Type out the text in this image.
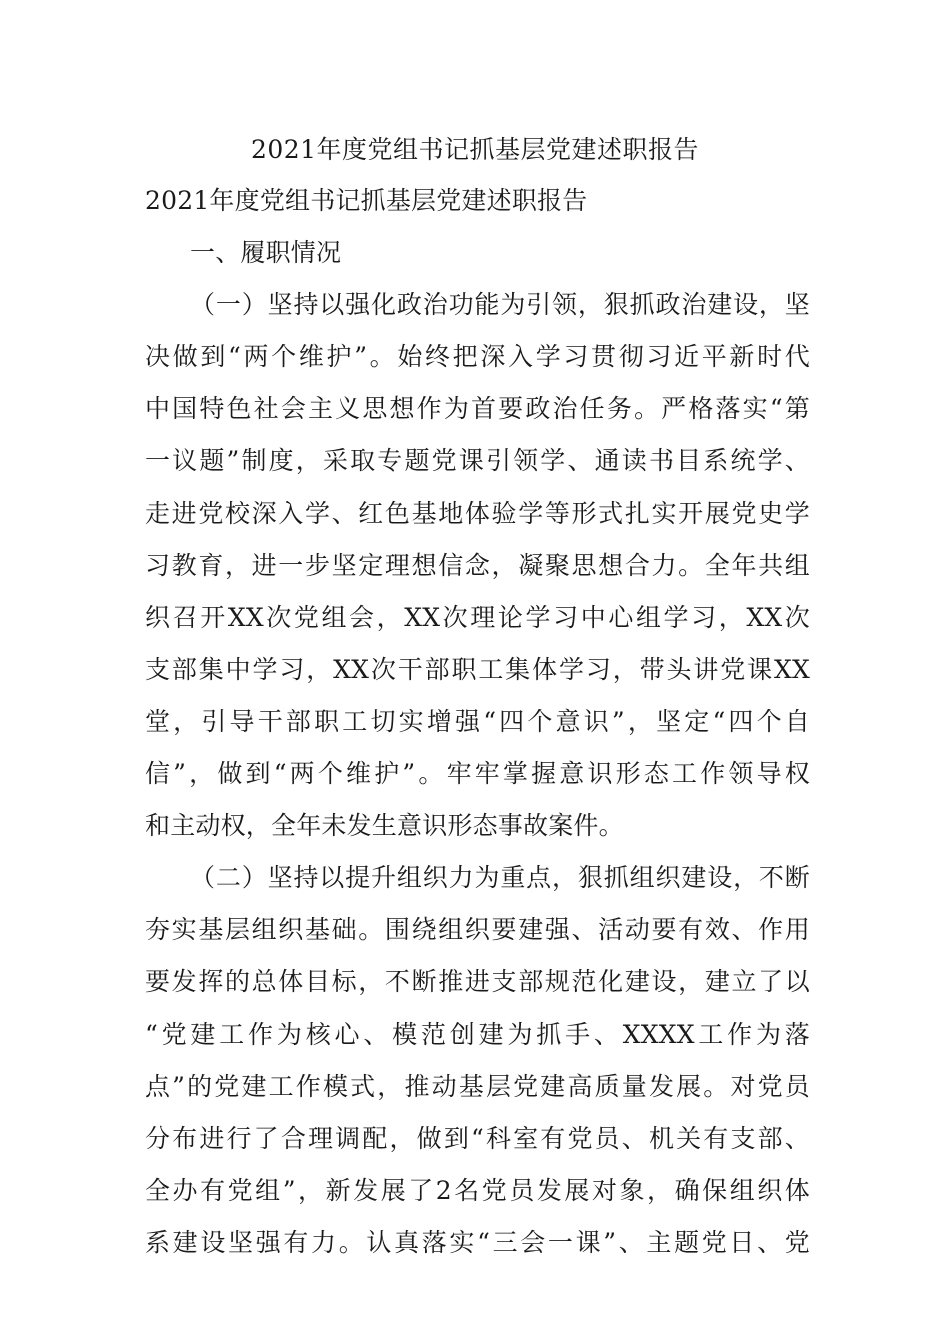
2021年度党组书记抓基层党建述职报告
2021年度党组书记抓基层党建述职报告
一、履职情况
（一）坚持以强化政治功能为引领，狠抓政治建设，坚
决做到“两个维护”。始终把深入学习贯彻习近平新时代
中国特色社会主义思想作为首要政治任务。严格落实“第
一议题”制度，采取专题党课引领学、通读书目系统学、
走进党校深入学、红色基地体验学等形式扎实开展党史学
习教育，进一步坚定理想信念，凝聚思想合力。全年共组
织召开XX次党组会，XX次理论学习中心组学习，XX次
支部集中学习，XX次干部职工集体学习，带头讲党课XX
堂，引导干部职工切实增强“四个意识”，坚定“四个自
信”，做到“两个维护”。牢牢掌握意识形态工作领导权
和主动权，全年未发生意识形态事故案件。
（二）坚持以提升组织力为重点，狠抓组织建设，不断
夯实基层组织基础。围绕组织要建强、活动要有效、作用
要发挥的总体目标，不断推进支部规范化建设，建立了以
“党建工作为核心、模范创建为抓手、XXXX工作为落
点”的党建工作模式，推动基层党建高质量发展。对党员
分布进行了合理调配，做到“科室有党员、机关有支部、
全办有党组”，新发展了2名党员发展对象，确保组织体
系建设坚强有力。认真落实“三会一课”、主题党日、党
